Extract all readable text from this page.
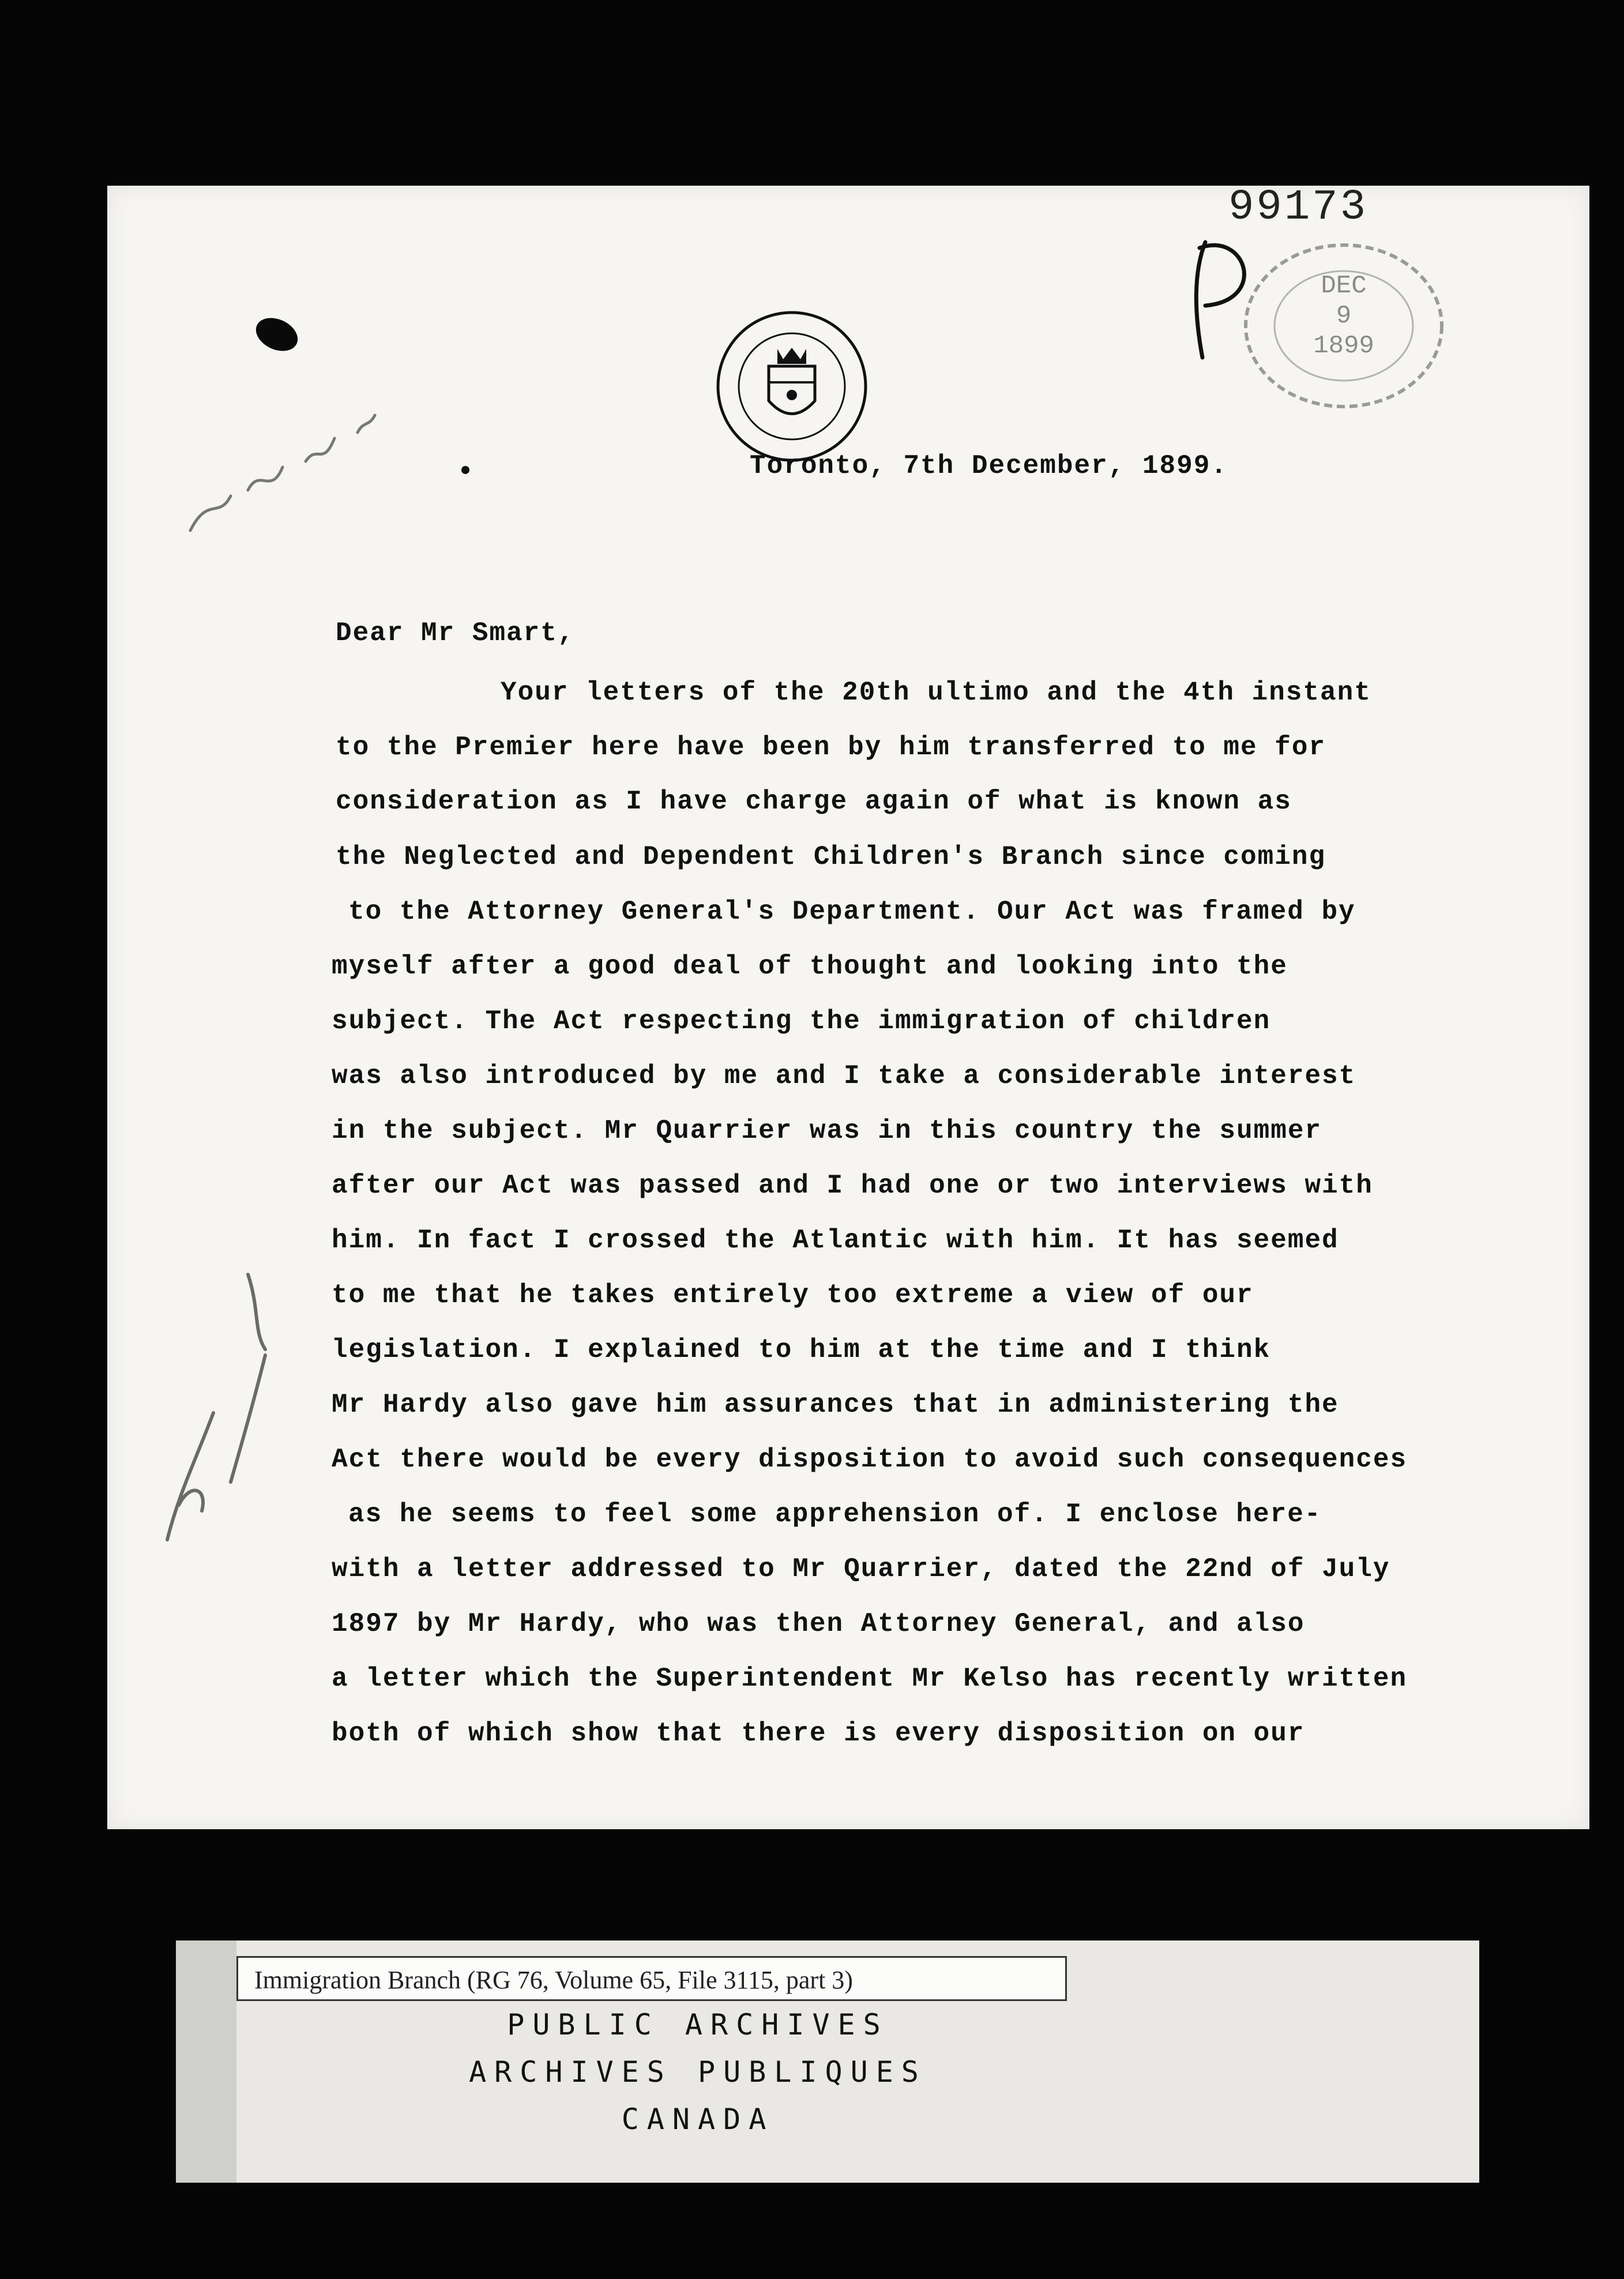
99173
DEC
9
1899
Toronto, 7th December, 1899.
Dear Mr Smart,
Your letters of the 20th ultimo and the 4th instant
to the Premier here have been by him transferred to me for
consideration as I have charge again of what is known as
the Neglected and Dependent Children's Branch since coming
to the Attorney General's Department. Our Act was framed by
myself after a good deal of thought and looking into the
subject. The Act respecting the immigration of children
was also introduced by me and I take a considerable interest
in the subject. Mr Quarrier was in this country the summer
after our Act was passed and I had one or two interviews with
him. In fact I crossed the Atlantic with him. It has seemed
to me that he takes entirely too extreme a view of our
legislation. I explained to him at the time and I think
Mr Hardy also gave him assurances that in administering the
Act there would be every disposition to avoid such consequences
as he seems to feel some apprehension of. I enclose here-
with a letter addressed to Mr Quarrier, dated the 22nd of July
1897 by Mr Hardy, who was then Attorney General, and also
a letter which the Superintendent Mr Kelso has recently written
both of which show that there is every disposition on our
Immigration Branch (RG 76, Volume 65, File 3115, part 3)
PUBLIC ARCHIVES
ARCHIVES PUBLIQUES
CANADA
